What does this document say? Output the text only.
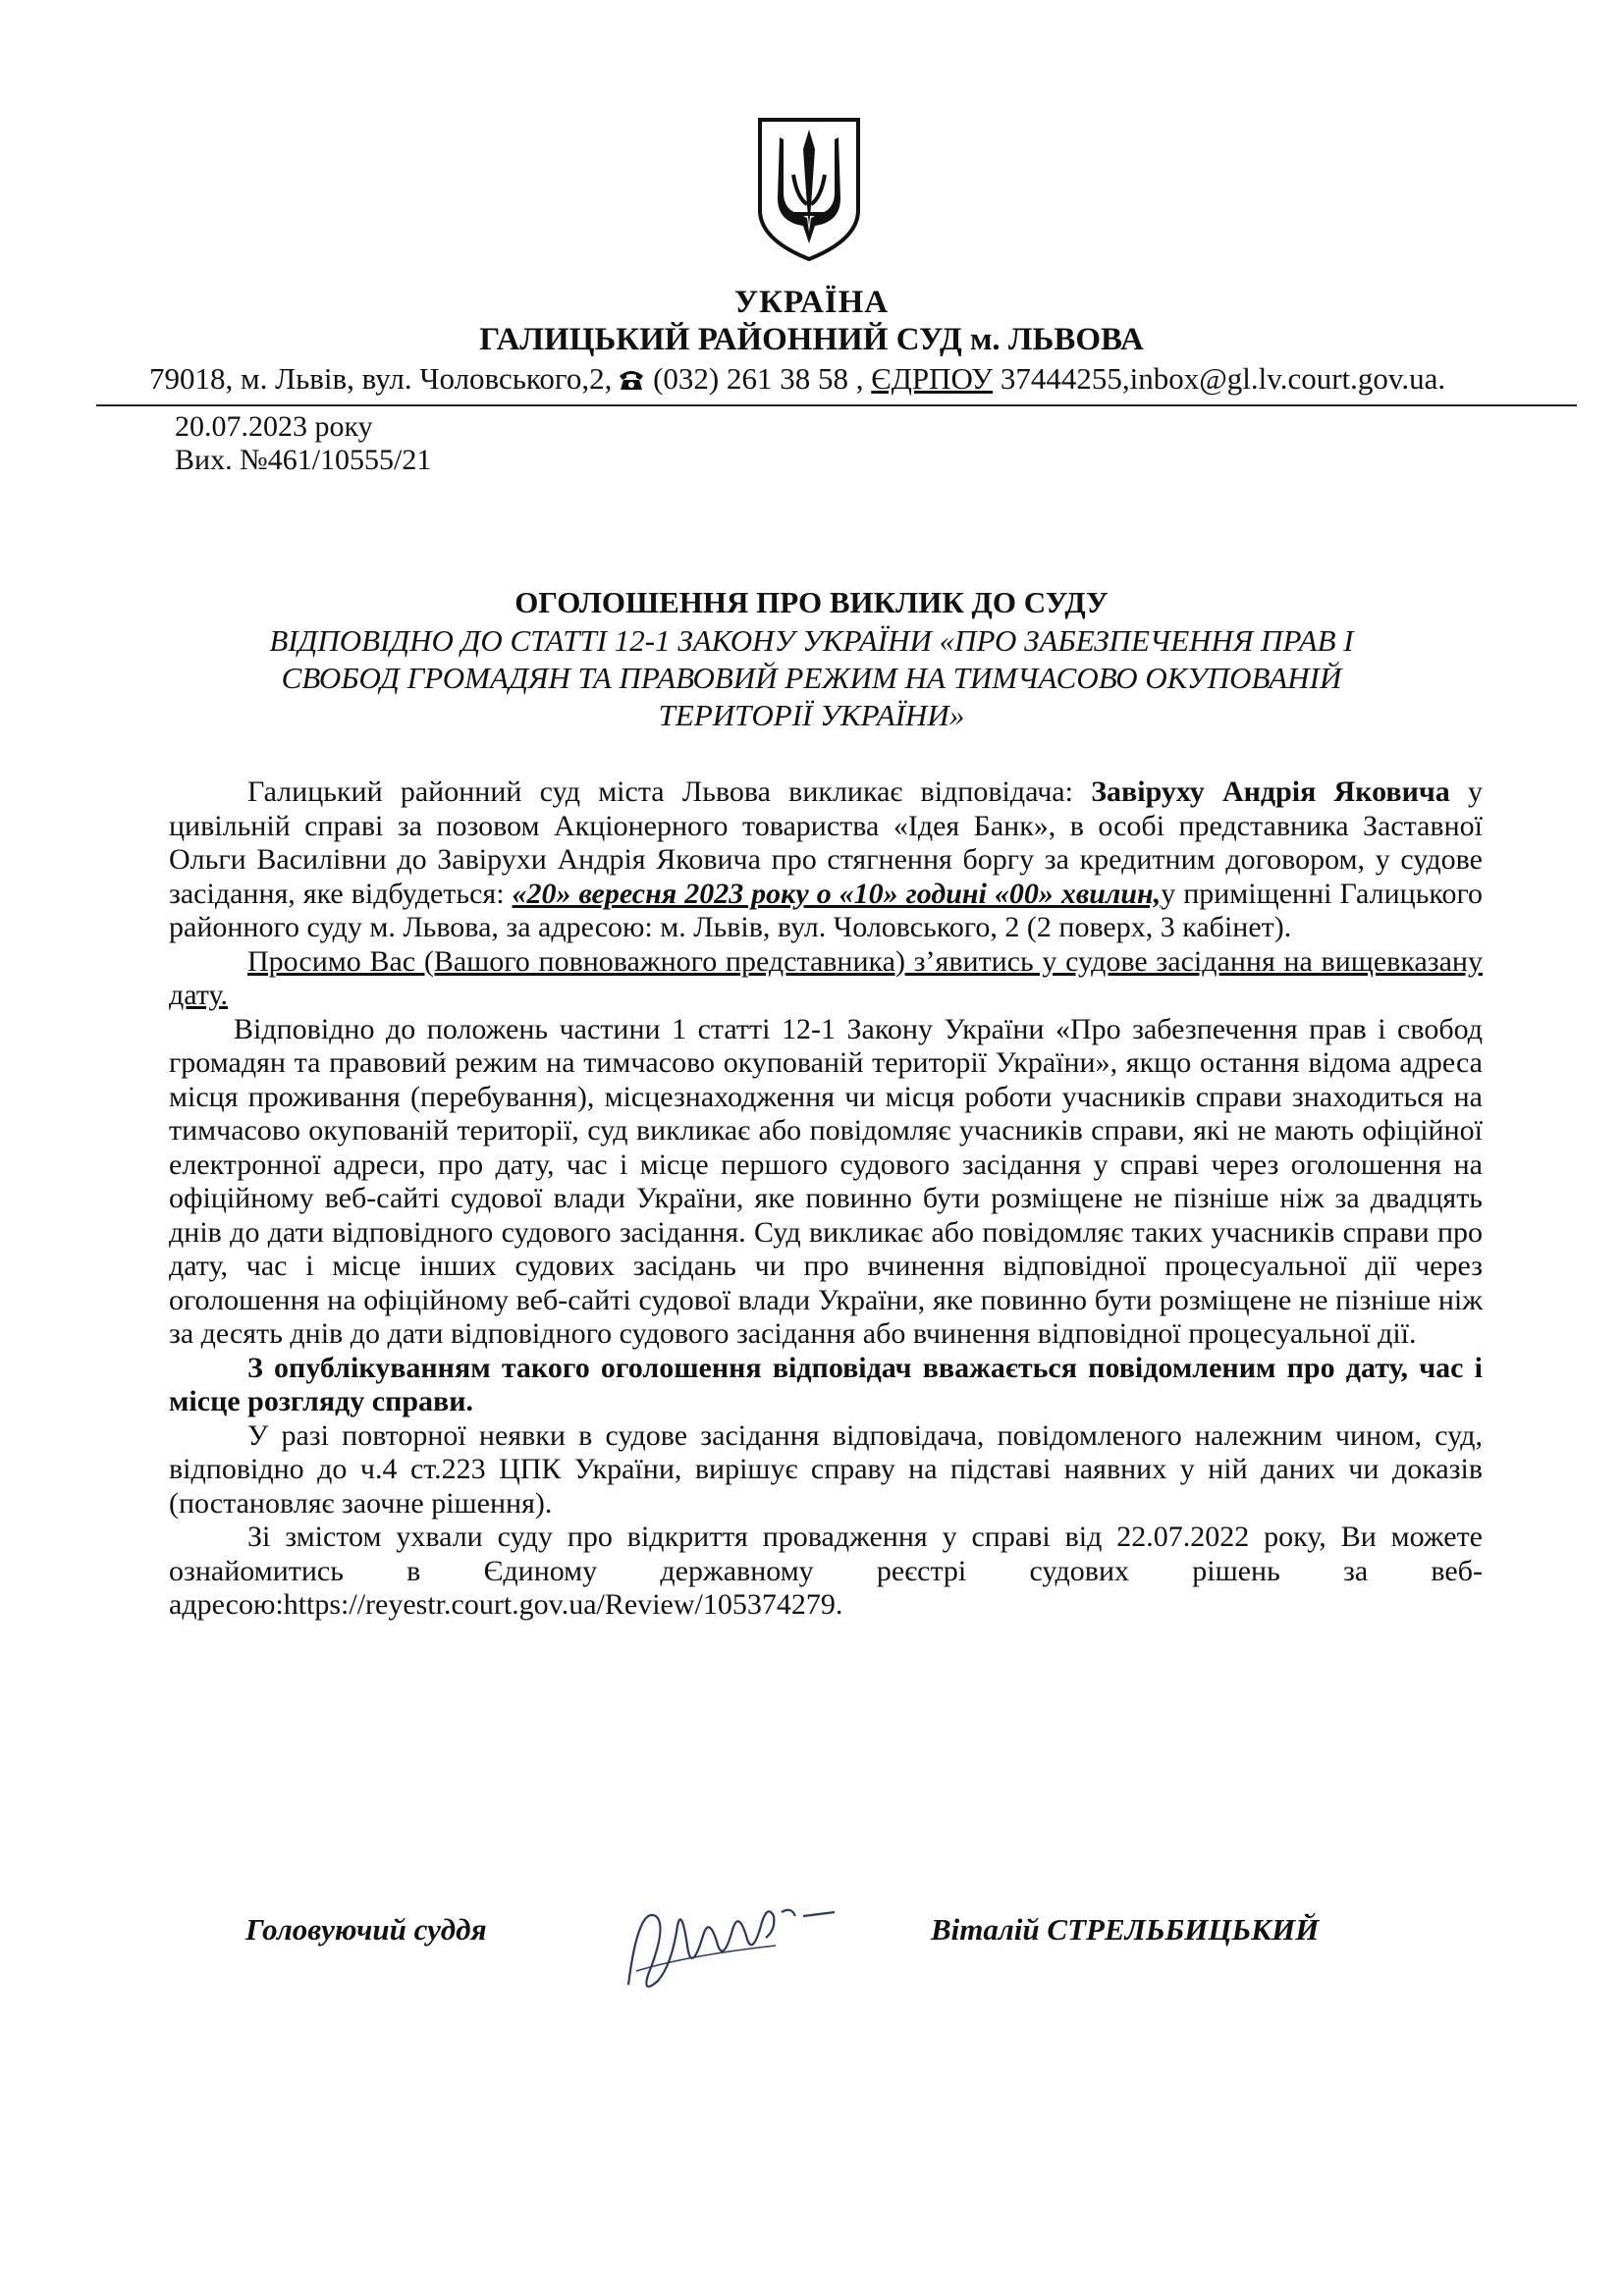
УКРАЇНА

ГАЛИЦЬКИЙ РАЙОННИЙ СУД м. ЛЬВОВА

79018, м. Львів, вул. Чоловського,2, (032) 261 38 58 , ЄДРПОУ 37444255,inbox@gl.lv.court.gov.ua.

20.07.2023 року

Вих. №461/10555/21

ОГОЛОШЕННЯ ПРО ВИКЛИК ДО СУДУ

ВІДПОВІДНО ДО СТАТТІ 12-1 ЗАКОНУ УКРАЇНИ «ПРО ЗАБЕЗПЕЧЕННЯ ПРАВ І СВОБОД ГРОМАДЯН ТА ПРАВОВИЙ РЕЖИМ НА ТИМЧАСОВО ОКУПОВАНІЙ ТЕРИТОРІЇ УКРАЇНИ»

Галицький районний суд міста Львова викликає відповідача: Завіруху Андрія Яковича у цивільній справі за позовом Акціонерного товариства «Ідея Банк», в особі представника Заставної Ольги Василівни до Завірухи Андрія Яковича про стягнення боргу за кредитним договором, у судове засідання, яке відбудеться: «20» вересня 2023 року о «10» годині «00» хвилин,у приміщенні Галицького районного суду м. Львова, за адресою: м. Львів, вул. Чоловського, 2 (2 поверх, 3 кабінет).

Просимо Вас (Вашого повноважного представника) з’явитись у судове засідання на вищевказану дату.

Відповідно до положень частини 1 статті 12-1 Закону України «Про забезпечення прав і свобод громадян та правовий режим на тимчасово окупованій території України», якщо остання відома адреса місця проживання (перебування), місцезнаходження чи місця роботи учасників справи знаходиться на тимчасово окупованій території, суд викликає або повідомляє учасників справи, які не мають офіційної електронної адреси, про дату, час і місце першого судового засідання у справі через оголошення на офіційному веб-сайті судової влади України, яке повинно бути розміщене не пізніше ніж за двадцять днів до дати відповідного судового засідання. Суд викликає або повідомляє таких учасників справи про дату, час і місце інших судових засідань чи про вчинення відповідної процесуальної дії через оголошення на офіційному веб-сайті судової влади України, яке повинно бути розміщене не пізніше ніж за десять днів до дати відповідного судового засідання або вчинення відповідної процесуальної дії.

З опублікуванням такого оголошення відповідач вважається повідомленим про дату, час і місце розгляду справи.

У разі повторної неявки в судове засідання відповідача, повідомленого належним чином, суд, відповідно до ч.4 ст.223 ЦПК України, вирішує справу на підставі наявних у ній даних чи доказів (постановляє заочне рішення).

Зі змістом ухвали суду про відкриття провадження у справі від 22.07.2022 року, Ви можете ознайомитись в Єдиному державному реєстрі судових рішень за веб-адресою:https://reyestr.court.gov.ua/Review/105374279.

Головуючий суддя	Віталій СТРЕЛЬБИЦЬКИЙ
